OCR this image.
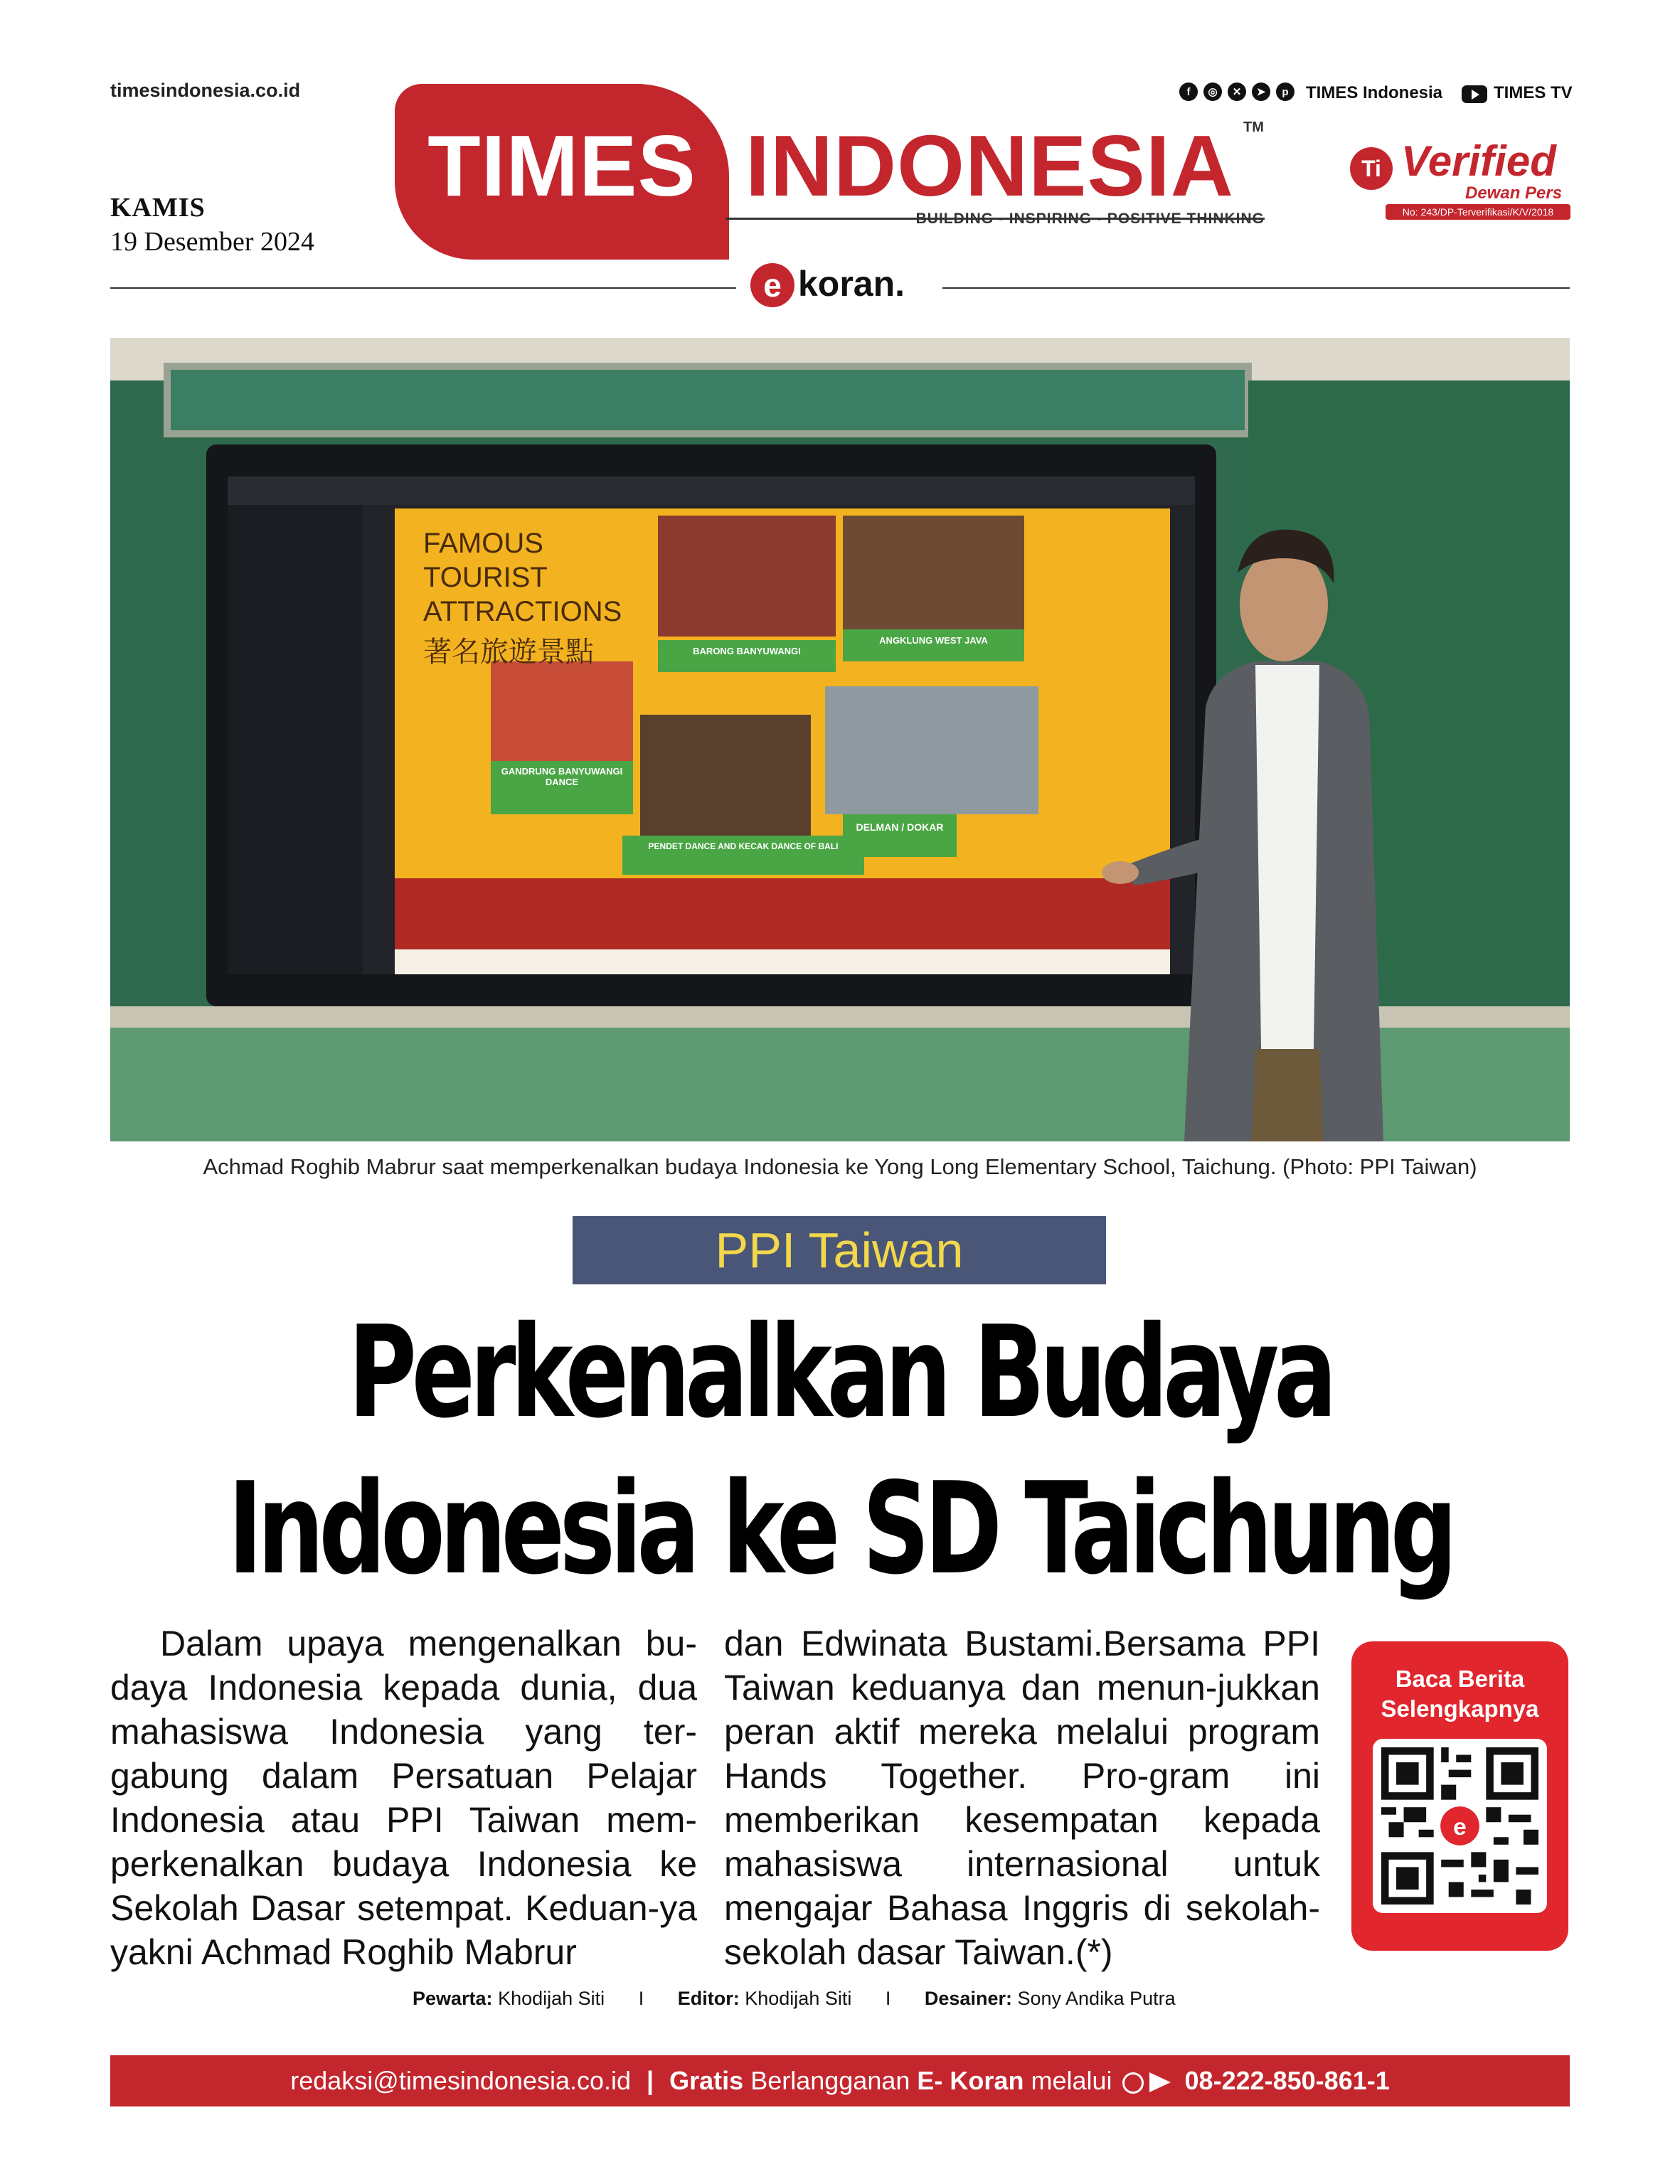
timesindonesia.co.id
KAMIS
19 Desember 2024
TIMES INDONESIA TM
BUILDING - INSPIRING - POSITIVE THINKING
f	◎	✕	➤	p	TIMES Indonesia	TIMES TV
Ti Verified
Dewan Pers
No: 243/DP-Terverifikasi/K/V/2018
e koran.
FAMOUS
TOURIST
ATTRACTIONS
著名旅遊景點	BARONG BANYUWANGI
ANGKLUNG WEST JAVA
GANDRUNG BANYUWANGI DANCE
PENDET DANCE AND KECAK DANCE OF BALI
DELMAN / DOKAR
Achmad Roghib Mabrur saat memperkenalkan budaya Indonesia ke Yong Long Elementary School, Taichung. (Photo: PPI Taiwan)
PPI Taiwan
Perkenalkan Budaya
Indonesia ke SD Taichung
Dalam upaya mengenalkan bu-daya Indonesia kepada dunia, dua mahasiswa Indonesia yang ter-gabung dalam Persatuan Pelajar Indonesia atau PPI Taiwan mem-perkenalkan budaya Indonesia ke Sekolah Dasar setempat. Keduan-ya yakni Achmad Roghib Mabrur
dan Edwinata Bustami.Bersama PPI Taiwan keduanya dan menun-jukkan peran aktif mereka melalui program Hands Together. Pro-gram ini memberikan kesempatan kepada mahasiswa internasional untuk mengajar Bahasa Inggris di sekolah-sekolah dasar Taiwan.(*)
Baca Berita Selengkapnya
e
Pewarta: Khodijah Siti I Editor: Khodijah Siti I Desainer: Sony Andika Putra
redaksi@timesindonesia.co.id | Gratis Berlangganan E- Koran melalui	08-222-850-861-1
